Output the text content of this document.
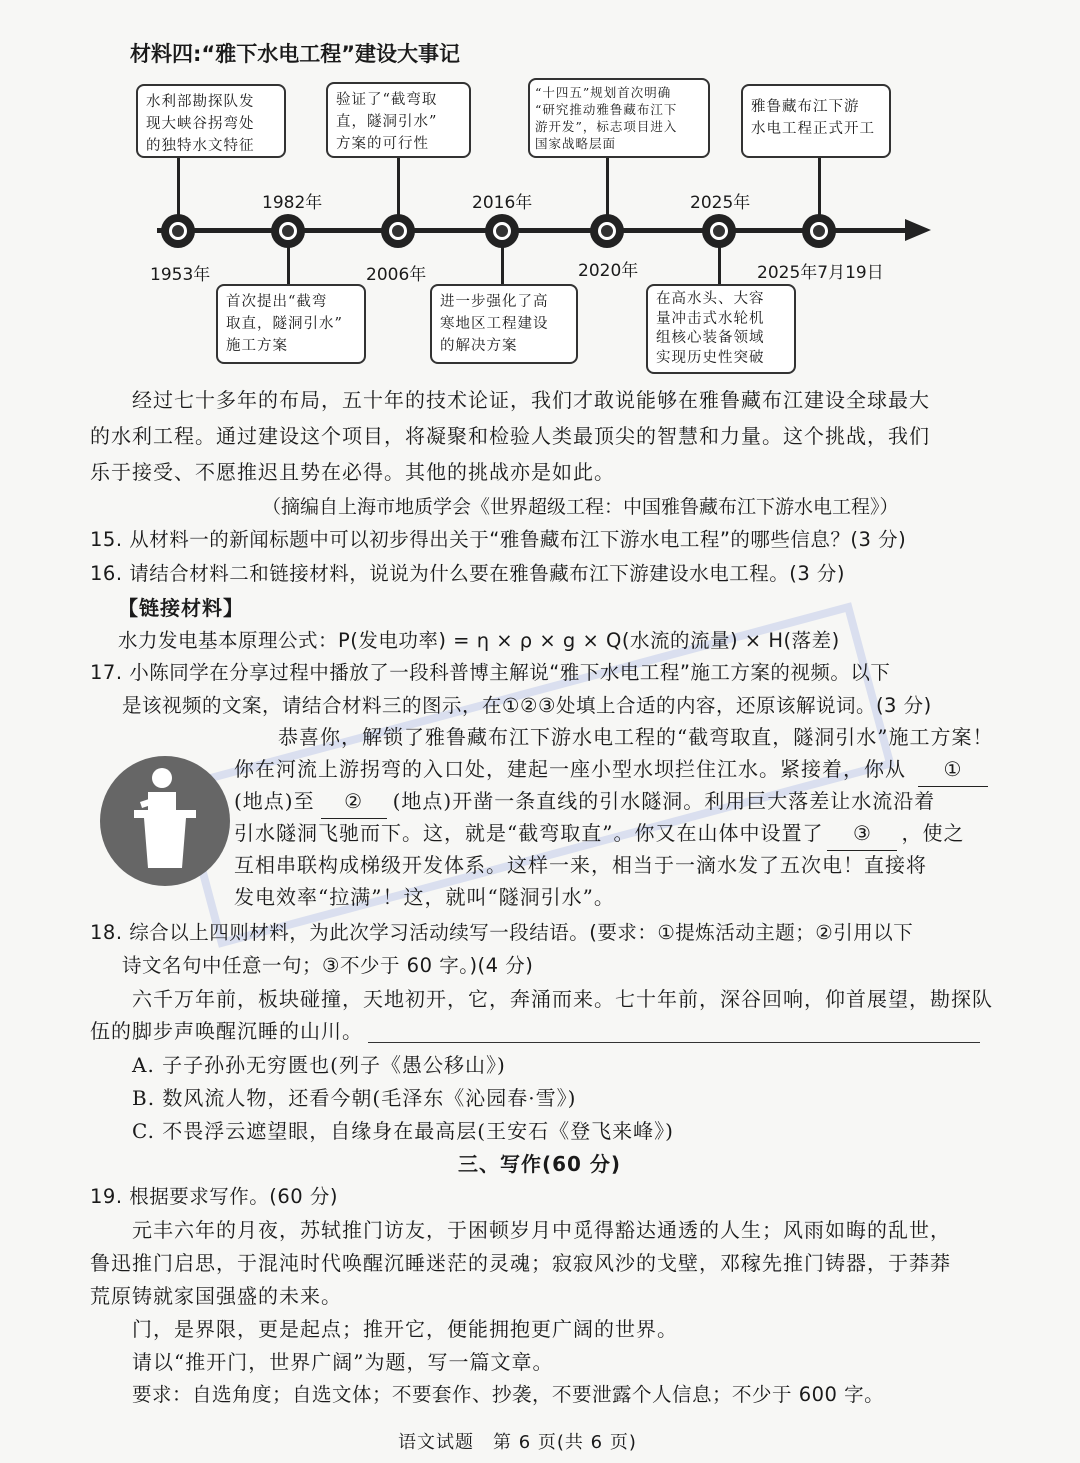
材料四:“雅下水电工程”建设大事记
1953年
1982年
2006年
2016年
2020年
2025年
2025年7月19日
水利部勘探队发
现大峡谷拐弯处
的独特水文特征
首次提出“截弯
取直，隧洞引水”
施工方案
验证了“截弯取
直，隧洞引水”
方案的可行性
进一步强化了高
寒地区工程建设
的解决方案
“十四五”规划首次明确
“研究推动雅鲁藏布江下
游开发”，标志项目进入
国家战略层面
在高水头、大容
量冲击式水轮机
组核心装备领域
实现历史性突破
雅鲁藏布江下游
水电工程正式开工
经过七十多年的布局，五十年的技术论证，我们才敢说能够在雅鲁藏布江建设全球最大
的水利工程。通过建设这个项目，将凝聚和检验人类最顶尖的智慧和力量。这个挑战，我们
乐于接受、不愿推迟且势在必得。其他的挑战亦是如此。
（摘编自上海市地质学会《世界超级工程：中国雅鲁藏布江下游水电工程》）
15. 从材料一的新闻标题中可以初步得出关于“雅鲁藏布江下游水电工程”的哪些信息？(3 分)
16. 请结合材料二和链接材料，说说为什么要在雅鲁藏布江下游建设水电工程。(3 分)
【链接材料】
水力发电基本原理公式：P(发电功率) = η × ρ × g × Q(水流的流量) × H(落差)
17. 小陈同学在分享过程中播放了一段科普博主解说“雅下水电工程”施工方案的视频。以下
是该视频的文案，请结合材料三的图示，在①②③处填上合适的内容，还原该解说词。(3 分)
恭喜你，解锁了雅鲁藏布江下游水电工程的“截弯取直，隧洞引水”施工方案！
你在河流上游拐弯的入口处，建起一座小型水坝拦住江水。紧接着，你从 ①
(地点)至 ② (地点)开凿一条直线的引水隧洞。利用巨大落差让水流沿着
引水隧洞飞驰而下。这，就是“截弯取直”。你又在山体中设置了 ③ ，使之
互相串联构成梯级开发体系。这样一来，相当于一滴水发了五次电！直接将
发电效率“拉满”！这，就叫“隧洞引水”。
18. 综合以上四则材料，为此次学习活动续写一段结语。(要求：①提炼活动主题；②引用以下
诗文名句中任意一句；③不少于 60 字。)(4 分)
六千万年前，板块碰撞，天地初开，它，奔涌而来。七十年前，深谷回响，仰首展望，勘探队
伍的脚步声唤醒沉睡的山川。
A. 子子孙孙无穷匮也(列子《愚公移山》)
B. 数风流人物，还看今朝(毛泽东《沁园春·雪》)
C. 不畏浮云遮望眼，自缘身在最高层(王安石《登飞来峰》)
三、写作(60 分)
19. 根据要求写作。(60 分)
元丰六年的月夜，苏轼推门访友，于困顿岁月中觅得豁达通透的人生；风雨如晦的乱世，
鲁迅推门启思，于混沌时代唤醒沉睡迷茫的灵魂；寂寂风沙的戈壁，邓稼先推门铸器，于莽莽
荒原铸就家国强盛的未来。
门，是界限，更是起点；推开它，便能拥抱更广阔的世界。
请以“推开门，世界广阔”为题，写一篇文章。
要求：自选角度；自选文体；不要套作、抄袭，不要泄露个人信息；不少于 600 字。
语文试题　第 6 页(共 6 页)
